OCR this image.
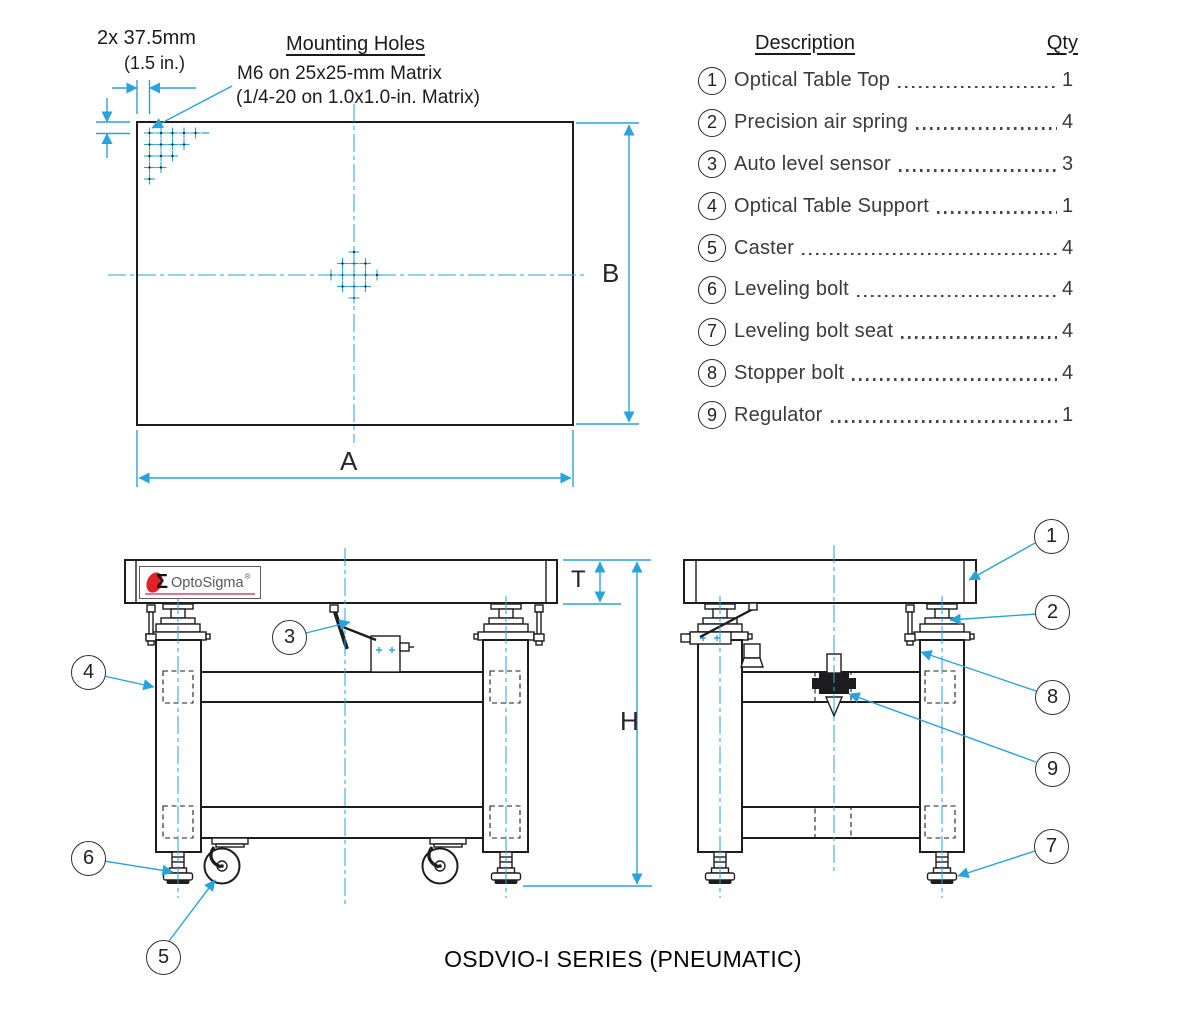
2x 37.5mm
(1.5 in.)
Mounting Holes
M6 on 25x25-mm Matrix
(1/4-20 on 1.0x1.0-in. Matrix)
A
B
T
H
Description	Qty
1 Optical Table Top	1
2 Precision air spring	4
3 Auto level sensor	3
4 Optical Table Support	1
5 Caster	4
6 Leveling bolt	4
7 Leveling bolt seat	4
8 Stopper bolt	4
9 Regulator	1
Σ OptoSigma ®
1
2
3
4
5
6
7
8
9
OSDVIO-I SERIES (PNEUMATIC)
